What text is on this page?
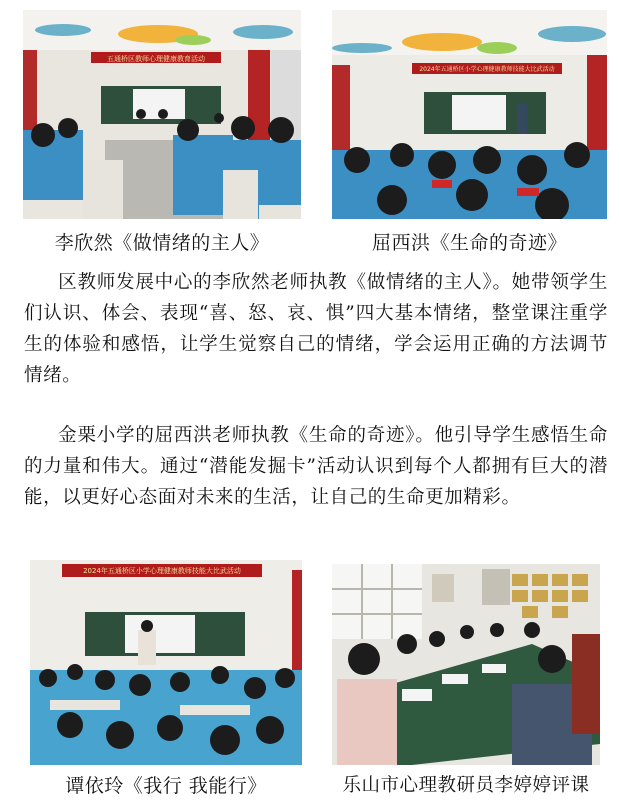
五通桥区教师心理健康教育活动
2024年五通桥区小学心理健康教师技能大比武活动
李欣然《做情绪的主人》	屈西洪《生命的奇迹》
区教师发展中心的李欣然老师执教《做情绪的主人》。她带领学生们认识、体会、表现“喜、怒、哀、惧”四大基本情绪，整堂课注重学生的体验和感悟，让学生觉察自己的情绪，学会运用正确的方法调节情绪。
金栗小学的屈西洪老师执教《生命的奇迹》。他引导学生感悟生命的力量和伟大。通过“潜能发掘卡”活动认识到每个人都拥有巨大的潜能，以更好心态面对未来的生活，让自己的生命更加精彩。
2024年五通桥区小学心理健康教师技能大比武活动
谭依玲《我行 我能行》	乐山市心理教研员李婷婷评课
